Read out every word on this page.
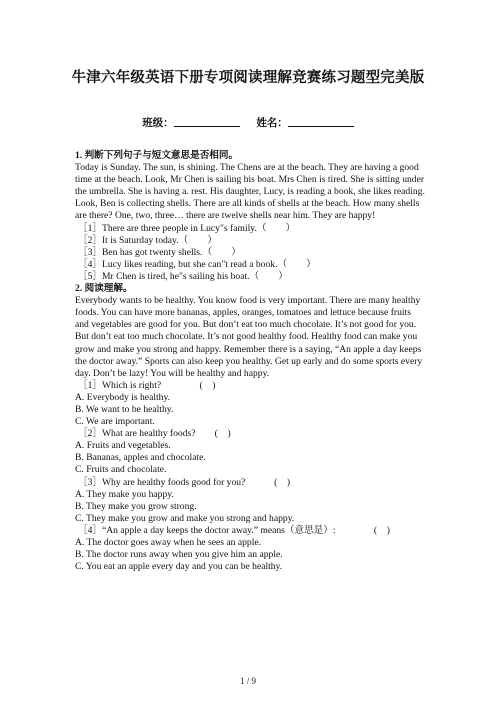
牛津六年级英语下册专项阅读理解竞赛练习题型完美版
班级：	姓名：

1. 判断下列句子与短文意思是否相同。

Today is Sunday. The sun, is shining. The Chens are at the beach. They are having a good time at the beach. Look, Mr Chen is sailing his boat. Mrs Chen is tired. She is sitting under the umbrella. She is having a. rest. His daughter, Lucy, is reading a book, she likes reading. Look, Ben is collecting shells. There are all kinds of shells at the beach. How many shells are there? One, two, three… there are twelve shells near him. They are happy!

［1］There are three people in Lucy"s family.（　　）

［2］It is Saturday today.（　　）

［3］Ben has got twenty shells.（　　）

［4］Lucy likes reading, but she can"t read a book.（　　）

［5］Mr Chen is tired, he"s sailing his boat.（　　）

2. 阅读理解。

Everybody wants to be healthy. You know food is very important. There are many healthy foods. You can have more bananas, apples, oranges, tomatoes and lettuce because fruits and vegetables are good for you. But don’t eat too much chocolate. It’s not good for you. But don’t eat too much chocolate. It’s not good healthy food. Healthy food can make you grow and make you strong and happy. Remember there is a saying, “An apple a day keeps the doctor away.” Sports can also keep you healthy. Get up early and do some sports every day. Don’t be lazy! You will be healthy and happy.

［1］Which is right?　　　　(　)

A. Everybody is healthy.

B. We want to be healthy.

C. We are important.

［2］What are healthy foods?　　(　)

A. Fruits and vegetables.

B. Bananas, apples and chocolate.

C. Fruits and chocolate.

［3］Why are healthy foods good for you?　　　(　)

A. They make you happy.

B. They make you grow strong.

C. They make you grow and make you strong and happy.

［4］“An apple a day keeps the doctor away.” means（意思是）:　　　　(　)

A. The doctor goes away when he sees an apple.

B. The doctor runs away when you give him an apple.

C. You eat an apple every day and you can be healthy.

1 / 9
